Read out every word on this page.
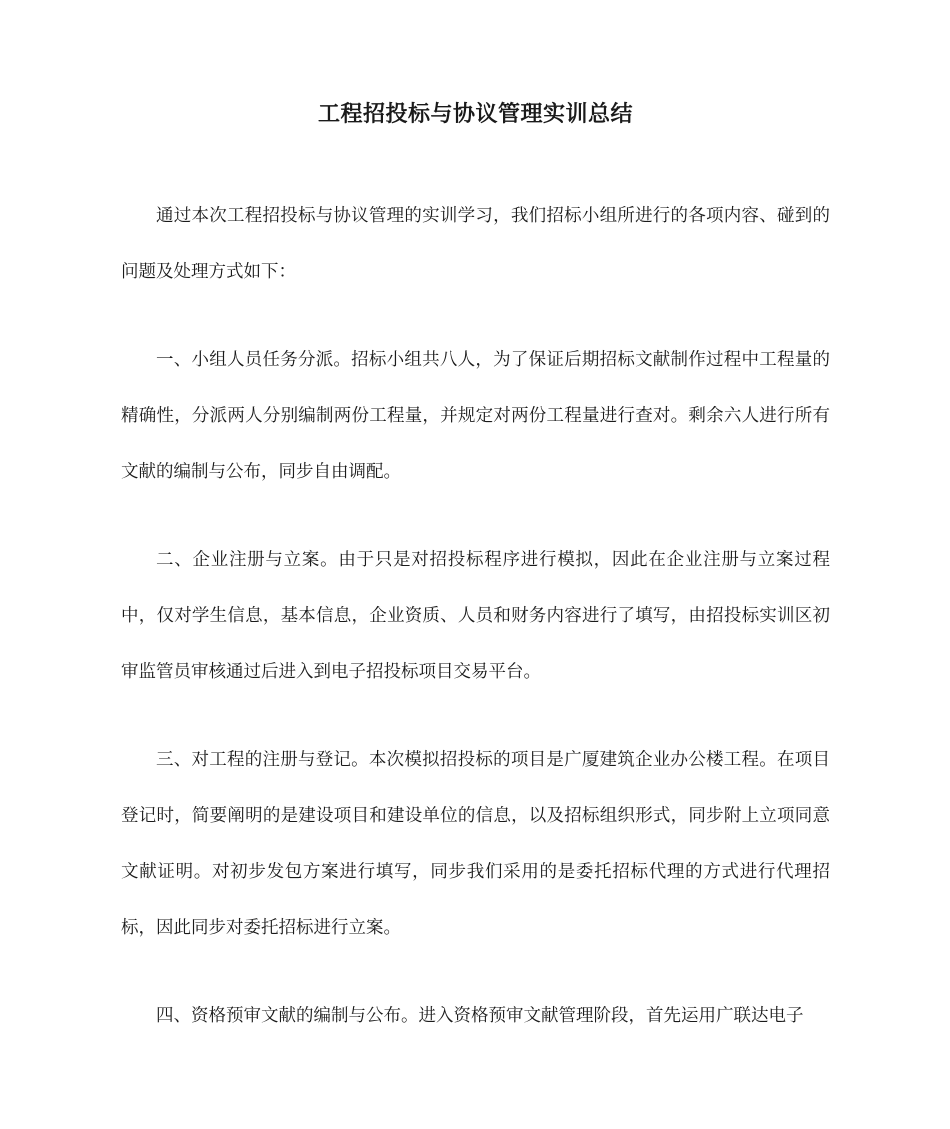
工程招投标与协议管理实训总结

通过本次工程招投标与协议管理的实训学习，我们招标小组所进行的各项内容、碰到的问题及处理方式如下：

一、小组人员任务分派。招标小组共八人，为了保证后期招标文献制作过程中工程量的精确性，分派两人分别编制两份工程量，并规定对两份工程量进行查对。剩余六人进行所有文献的编制与公布，同步自由调配。

二、企业注册与立案。由于只是对招投标程序进行模拟，因此在企业注册与立案过程中，仅对学生信息，基本信息，企业资质、人员和财务内容进行了填写，由招投标实训区初审监管员审核通过后进入到电子招投标项目交易平台。

三、对工程的注册与登记。本次模拟招投标的项目是广厦建筑企业办公楼工程。在项目登记时，简要阐明的是建设项目和建设单位的信息，以及招标组织形式，同步附上立项同意文献证明。对初步发包方案进行填写，同步我们采用的是委托招标代理的方式进行代理招标，因此同步对委托招标进行立案。

四、资格预审文献的编制与公布。进入资格预审文献管理阶段，首先运用广联达电子
